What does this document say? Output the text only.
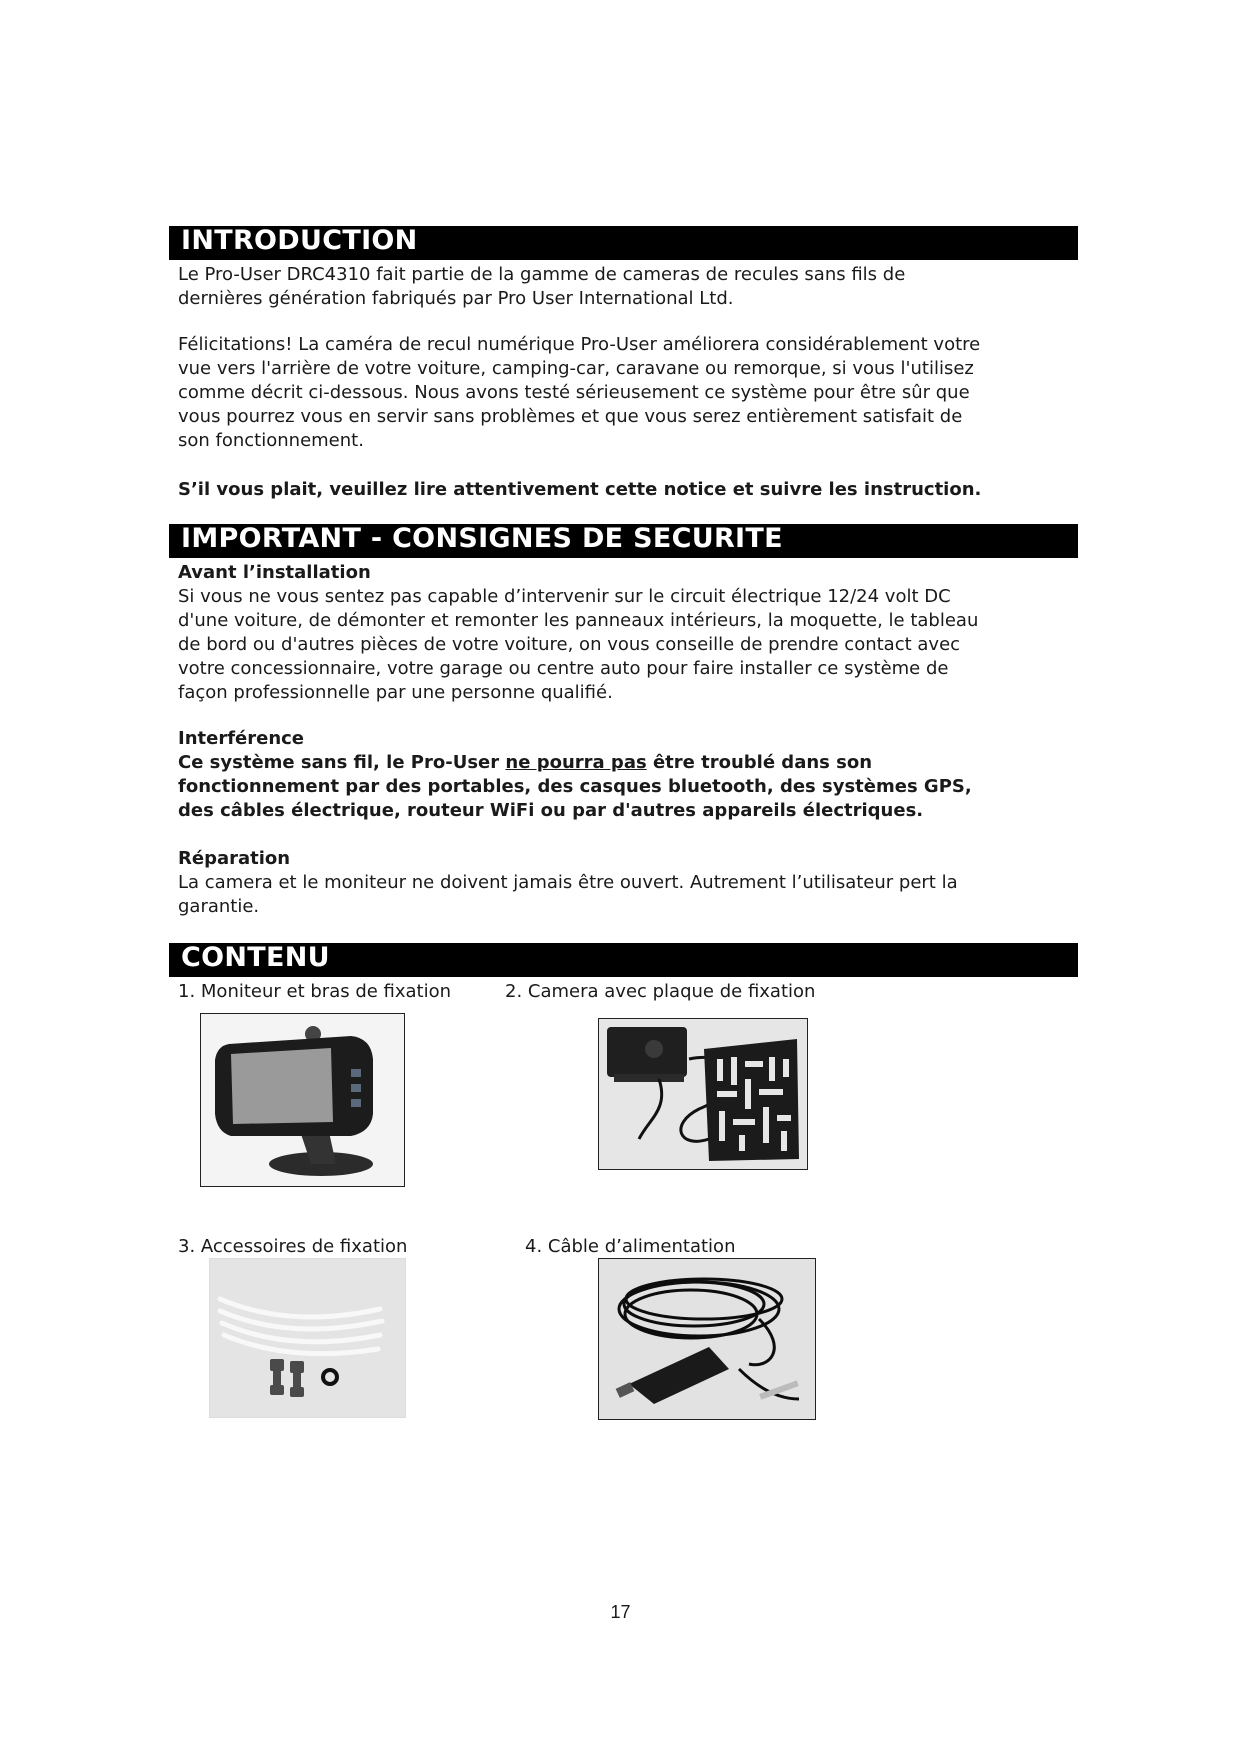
INTRODUCTION
Le Pro-User DRC4310 fait partie de la gamme de cameras de recules sans fils de
dernières génération fabriqués par Pro User International Ltd.
Félicitations! La caméra de recul numérique Pro-User améliorera considérablement votre
vue vers l'arrière de votre voiture, camping-car, caravane ou remorque, si vous l'utilisez
comme décrit ci-dessous. Nous avons testé sérieusement ce système pour être sûr que
vous pourrez vous en servir sans problèmes et que vous serez entièrement satisfait de
son fonctionnement.
S’il vous plait, veuillez lire attentivement cette notice et suivre les instruction.
IMPORTANT - CONSIGNES DE SECURITE
Avant l’installation
Si vous ne vous sentez pas capable d’intervenir sur le circuit électrique 12/24 volt DC
d'une voiture, de démonter et remonter les panneaux intérieurs, la moquette, le tableau
de bord ou d'autres pièces de votre voiture, on vous conseille de prendre contact avec
votre concessionnaire, votre garage ou centre auto pour faire installer ce système de
façon professionnelle par une personne qualifié.
Interférence
Ce système sans fil, le Pro-User ne pourra pas être troublé dans son
fonctionnement par des portables, des casques bluetooth, des systèmes GPS,
des câbles électrique, routeur WiFi ou par d'autres appareils électriques.
Réparation
La camera et le moniteur ne doivent jamais être ouvert. Autrement l’utilisateur pert la
garantie.
CONTENU
1. Moniteur et bras de fixation	2. Camera avec plaque de fixation
3. Accessoires de fixation	4. Câble d’alimentation
17
